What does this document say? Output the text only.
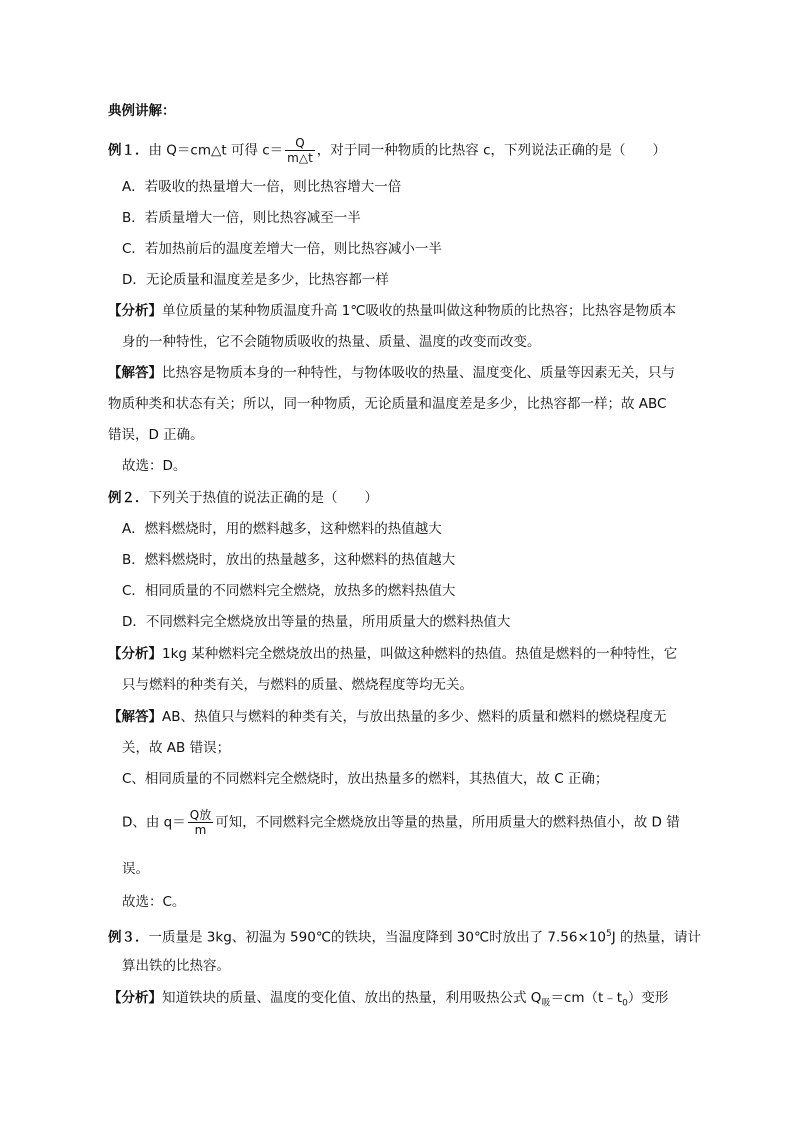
典例讲解：
例１．由 Q＝cm△t 可得 $c= \frac{Q}{m\triangle t}$ ，对于同一种物质的比热容 c，下列说法正确的是（　　）
A．若吸收的热量增大一倍，则比热容增大一倍
B．若质量增大一倍，则比热容减至一半
C．若加热前后的温度差增大一倍，则比热容减小一半
D．无论质量和温度差是多少，比热容都一样
【分析】单位质量的某种物质温度升高 1℃吸收的热量叫做这种物质的比热容；比热容是物质本
身的一种特性，它不会随物质吸收的热量、质量、温度的改变而改变。
【解答】比热容是物质本身的一种特性，与物体吸收的热量、温度变化、质量等因素无关，只与
物质种类和状态有关；所以，同一种物质，无论质量和温度差是多少，比热容都一样；故 ABC
错误，D 正确。
故选：D。
例２．下列关于热值的说法正确的是（　　）
A．燃料燃烧时，用的燃料越多，这种燃料的热值越大
B．燃料燃烧时，放出的热量越多，这种燃料的热值越大
C．相同质量的不同燃料完全燃烧，放热多的燃料热值大
D．不同燃料完全燃烧放出等量的热量，所用质量大的燃料热值大
【分析】1kg 某种燃料完全燃烧放出的热量，叫做这种燃料的热值。热值是燃料的一种特性，它
只与燃料的种类有关，与燃料的质量、燃烧程度等均无关。
【解答】AB、热值只与燃料的种类有关，与放出热量的多少、燃料的质量和燃料的燃烧程度无
关，故 AB 错误；
C、相同质量的不同燃料完全燃烧时，放出热量多的燃料，其热值大，故 C 正确；
D、由 $q= \frac{\text{Q放}}{m}$ 可知，不同燃料完全燃烧放出等量的热量，所用质量大的燃料热值小，故 D 错
误。
故选：C。
例３．一质量是 3kg、初温为 590℃的铁块，当温度降到 30℃时放出了 $7.56\times 10^5J$ 的热量，请计
算出铁的比热容。
【分析】知道铁块的质量、温度的变化值、放出的热量，利用吸热公式 $Q_吸=cm(t﹣t_0)$变形
